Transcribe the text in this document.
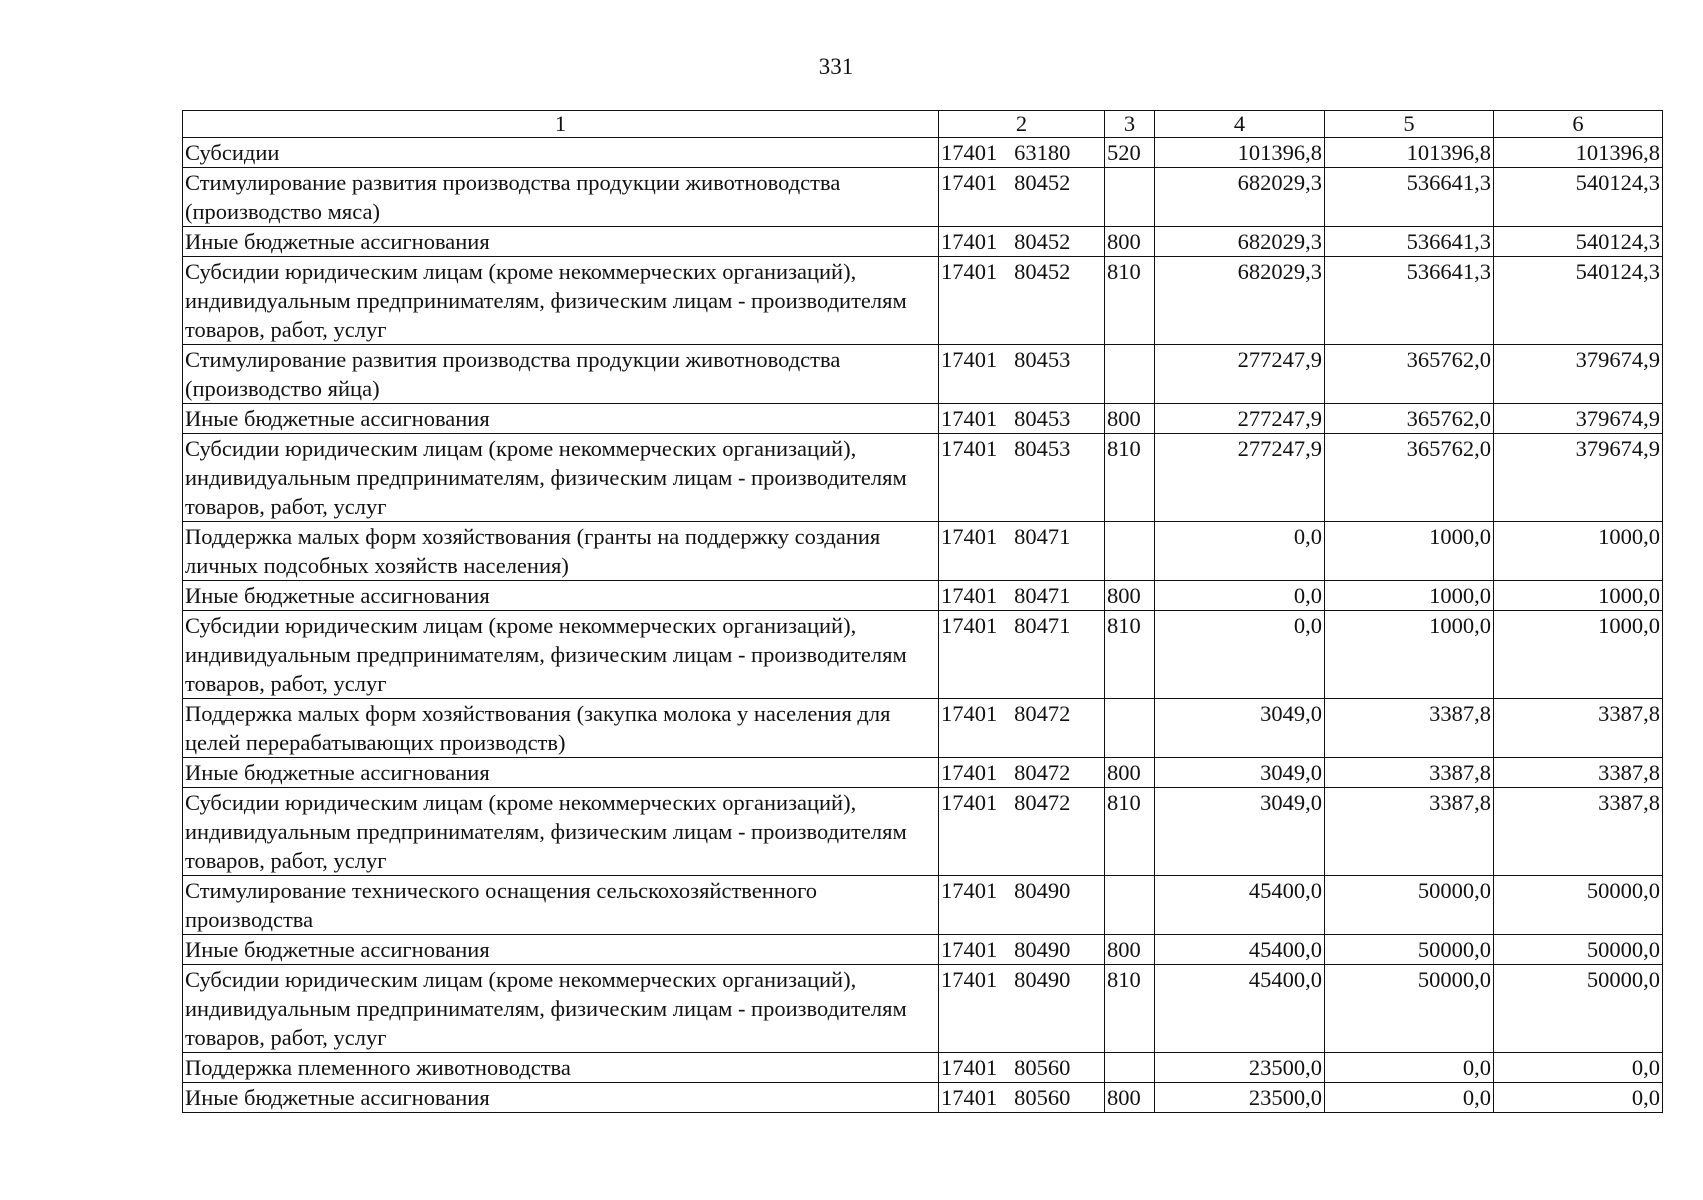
331
1	2	3	4	5	6
Субсидии	17401   63180	520	101396,8	101396,8	101396,8
Стимулирование развития производства продукции животноводства (производство мяса)	17401   80452		682029,3	536641,3	540124,3
Иные бюджетные ассигнования	17401   80452	800	682029,3	536641,3	540124,3
Субсидии юридическим лицам (кроме некоммерческих организаций), индивидуальным предпринимателям, физическим лицам - производителям товаров, работ, услуг	17401   80452	810	682029,3	536641,3	540124,3
Стимулирование развития производства продукции животноводства (производство яйца)	17401   80453		277247,9	365762,0	379674,9
Иные бюджетные ассигнования	17401   80453	800	277247,9	365762,0	379674,9
Субсидии юридическим лицам (кроме некоммерческих организаций), индивидуальным предпринимателям, физическим лицам - производителям товаров, работ, услуг	17401   80453	810	277247,9	365762,0	379674,9
Поддержка малых форм хозяйствования (гранты на поддержку создания личных подсобных хозяйств населения)	17401   80471		0,0	1000,0	1000,0
Иные бюджетные ассигнования	17401   80471	800	0,0	1000,0	1000,0
Субсидии юридическим лицам (кроме некоммерческих организаций), индивидуальным предпринимателям, физическим лицам - производителям товаров, работ, услуг	17401   80471	810	0,0	1000,0	1000,0
Поддержка малых форм хозяйствования (закупка молока у населения для целей перерабатывающих производств)	17401   80472		3049,0	3387,8	3387,8
Иные бюджетные ассигнования	17401   80472	800	3049,0	3387,8	3387,8
Субсидии юридическим лицам (кроме некоммерческих организаций), индивидуальным предпринимателям, физическим лицам - производителям товаров, работ, услуг	17401   80472	810	3049,0	3387,8	3387,8
Стимулирование технического оснащения сельскохозяйственного производства	17401   80490		45400,0	50000,0	50000,0
Иные бюджетные ассигнования	17401   80490	800	45400,0	50000,0	50000,0
Субсидии юридическим лицам (кроме некоммерческих организаций), индивидуальным предпринимателям, физическим лицам - производителям товаров, работ, услуг	17401   80490	810	45400,0	50000,0	50000,0
Поддержка племенного животноводства	17401   80560		23500,0	0,0	0,0
Иные бюджетные ассигнования	17401   80560	800	23500,0	0,0	0,0
